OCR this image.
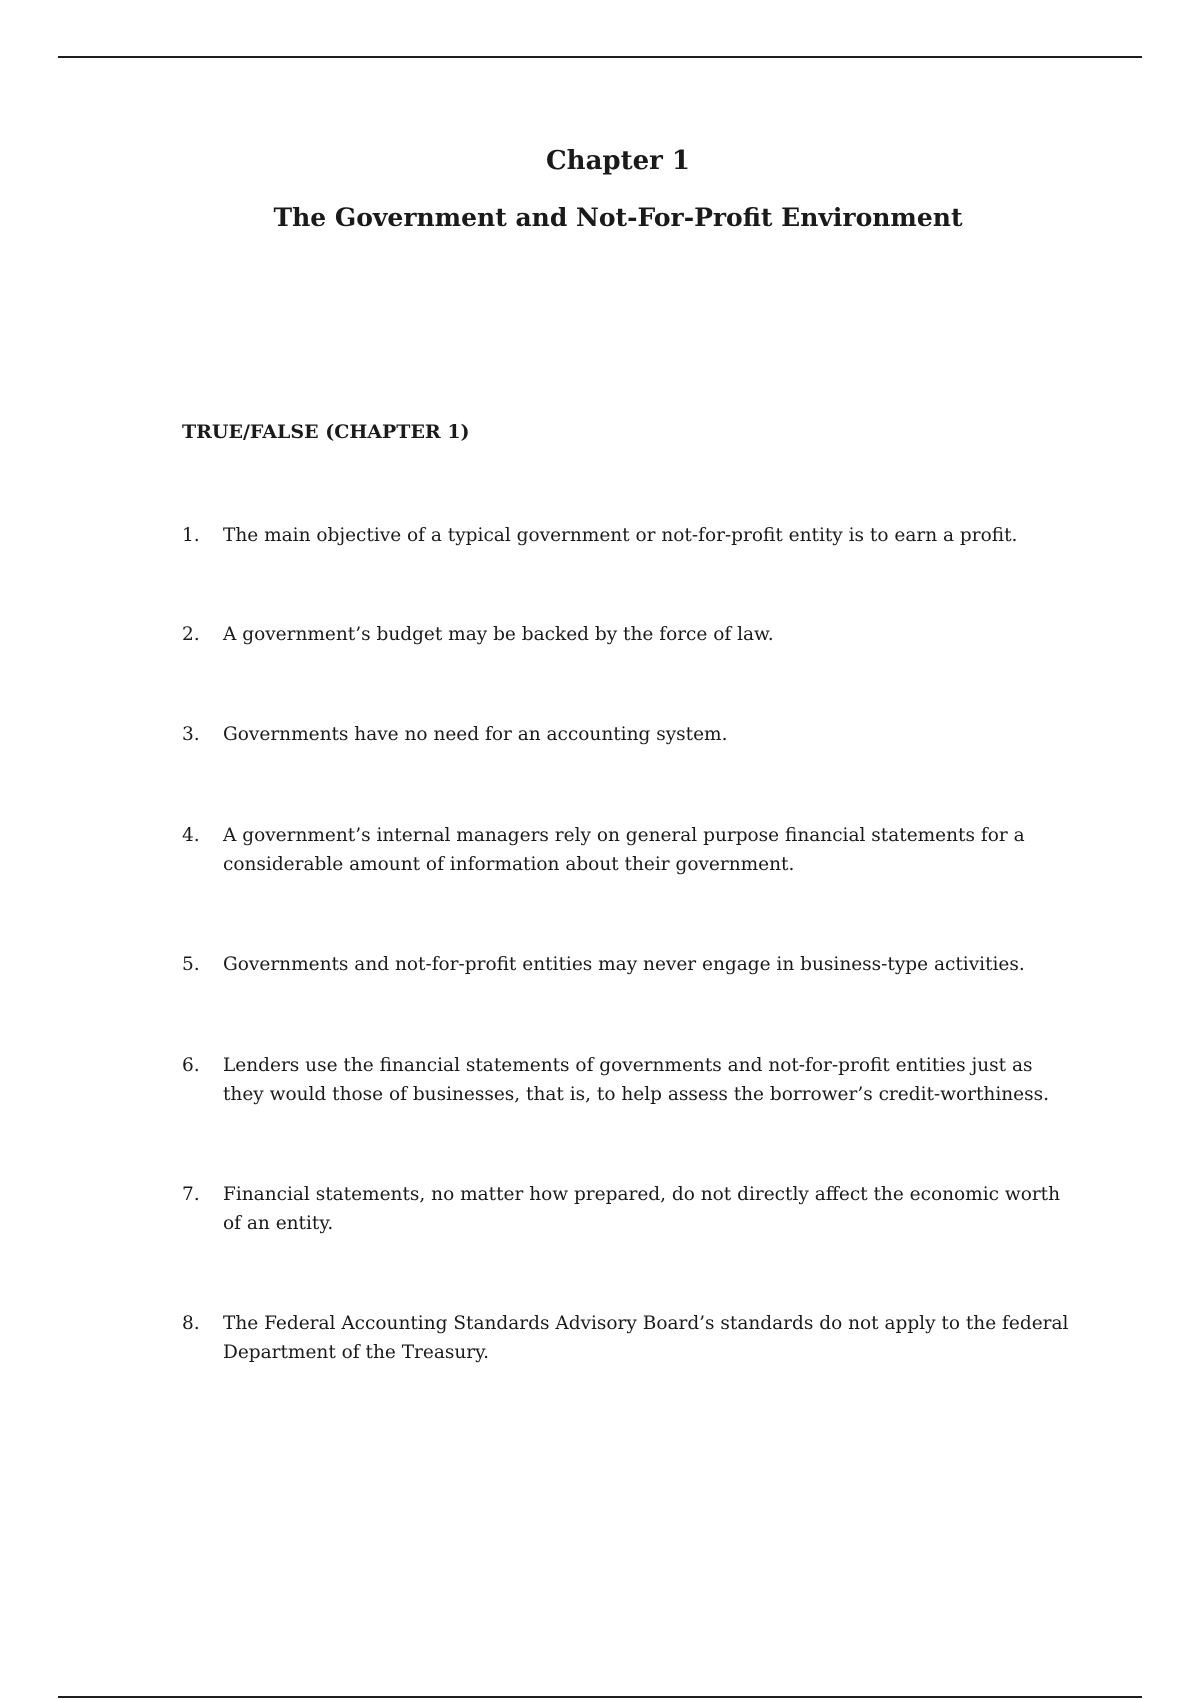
Chapter 1
The Government and Not-For-Profit Environment
TRUE/FALSE (CHAPTER 1)
1. The main objective of a typical government or not-for-profit entity is to earn a profit.
2. A government’s budget may be backed by the force of law.
3. Governments have no need for an accounting system.
4. A government’s internal managers rely on general purpose financial statements for a considerable amount of information about their government.
5. Governments and not-for-profit entities may never engage in business-type activities.
6. Lenders use the financial statements of governments and not-for-profit entities just as they would those of businesses, that is, to help assess the borrower’s credit-worthiness.
7. Financial statements, no matter how prepared, do not directly affect the economic worth of an entity.
8. The Federal Accounting Standards Advisory Board’s standards do not apply to the federal Department of the Treasury.
